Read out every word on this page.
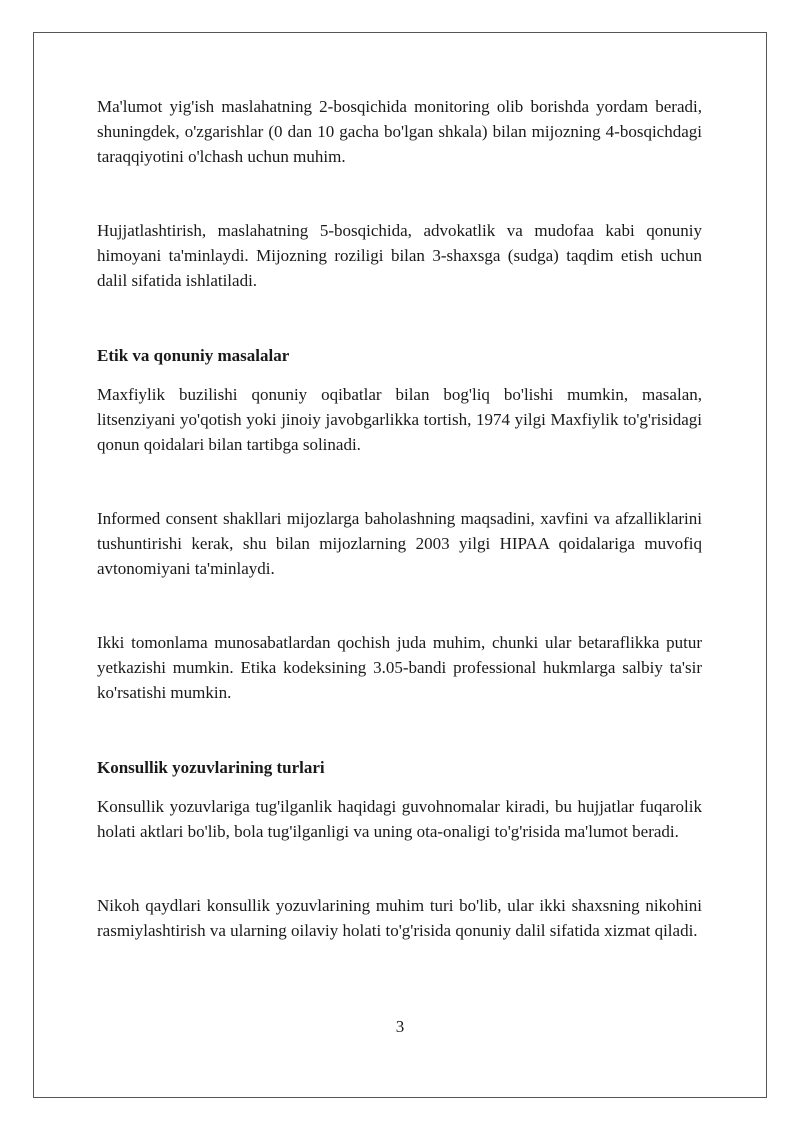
Ma'lumot yig'ish maslahatning 2-bosqichida monitoring olib borishda yordam beradi, shuningdek, o'zgarishlar (0 dan 10 gacha bo'lgan shkala) bilan mijozning 4-bosqichdagi taraqqiyotini o'lchash uchun muhim.

Hujjatlashtirish, maslahatning 5-bosqichida, advokatlik va mudofaa kabi qonuniy himoyani ta'minlaydi. Mijozning roziligi bilan 3-shaxsga (sudga) taqdim etish uchun dalil sifatida ishlatiladi.

Etik va qonuniy masalalar

Maxfiylik buzilishi qonuniy oqibatlar bilan bog'liq bo'lishi mumkin, masalan, litsenziyani yo'qotish yoki jinoiy javobgarlikka tortish, 1974 yilgi Maxfiylik to'g'risidagi qonun qoidalari bilan tartibga solinadi.

Informed consent shakllari mijozlarga baholashning maqsadini, xavfini va afzalliklarini tushuntirishi kerak, shu bilan mijozlarning 2003 yilgi HIPAA qoidalariga muvofiq avtonomiyani ta'minlaydi.

Ikki tomonlama munosabatlardan qochish juda muhim, chunki ular betaraflikka putur yetkazishi mumkin. Etika kodeksining 3.05-bandi professional hukmlarga salbiy ta'sir ko'rsatishi mumkin.

Konsullik yozuvlarining turlari

Konsullik yozuvlariga tug'ilganlik haqidagi guvohnomalar kiradi, bu hujjatlar fuqarolik holati aktlari bo'lib, bola tug'ilganligi va uning ota-onaligi to'g'risida ma'lumot beradi.

Nikoh qaydlari konsullik yozuvlarining muhim turi bo'lib, ular ikki shaxsning nikohini rasmiylashtirish va ularning oilaviy holati to'g'risida qonuniy dalil sifatida xizmat qiladi.

3
